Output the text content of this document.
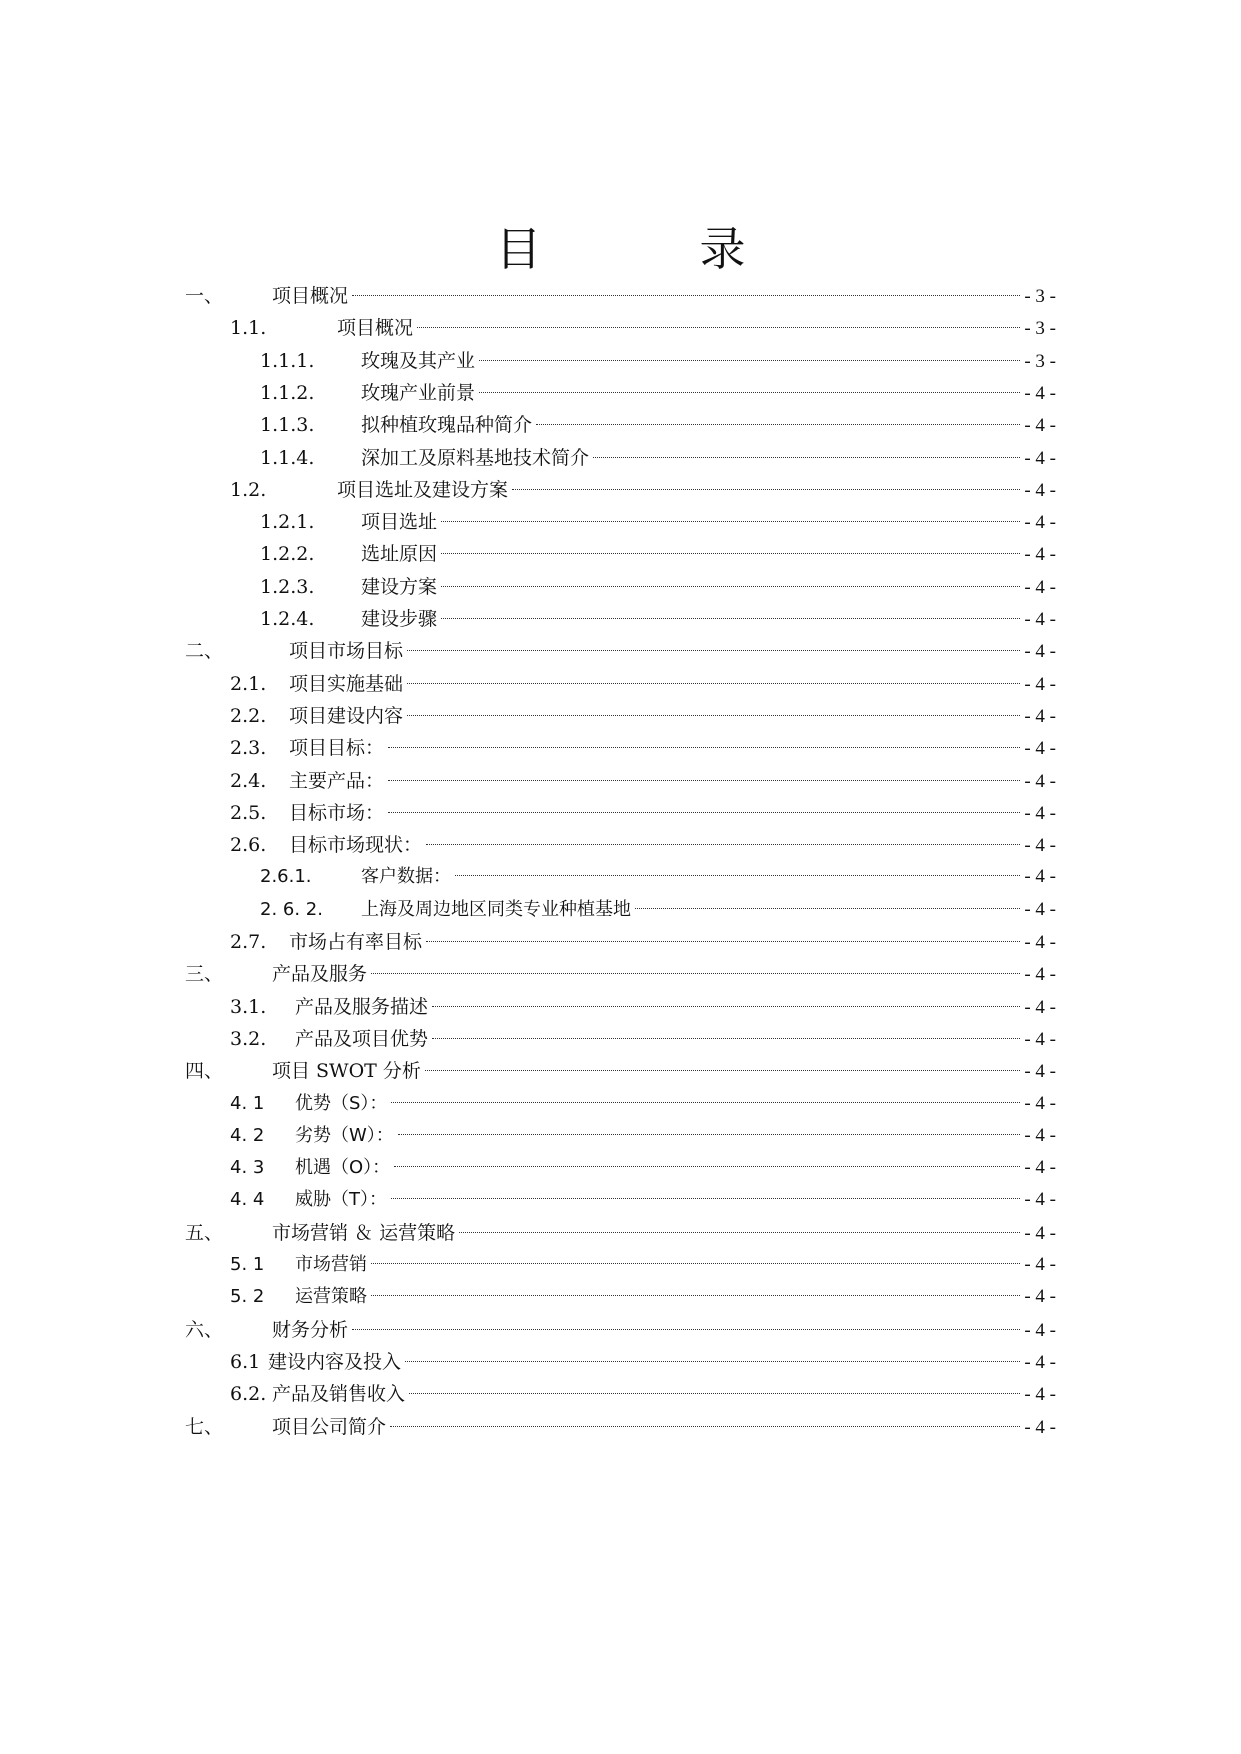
目　录
一、	项目概况	- 3 -
1.1.	项目概况	- 3 -
1.1.1. 玫瑰及其产业	- 3 -
1.1.2. 玫瑰产业前景	- 4 -
1.1.3. 拟种植玫瑰品种简介	- 4 -
1.1.4. 深加工及原料基地技术简介	- 4 -
1.2.	项目选址及建设方案	- 4 -
1.2.1. 项目选址	- 4 -
1.2.2. 选址原因	- 4 -
1.2.3. 建设方案	- 4 -
1.2.4. 建设步骤	- 4 -
二、	项目市场目标	- 4 -
2.1. 项目实施基础	- 4 -
2.2. 项目建设内容	- 4 -
2.3. 项目目标：	- 4 -
2.4. 主要产品：	- 4 -
2.5. 目标市场：	- 4 -
2.6. 目标市场现状：	- 4 -
2.6.1.	客户数据：	- 4 -
2. 6. 2. 上海及周边地区同类专业种植基地	- 4 -
2.7. 市场占有率目标	- 4 -
三、	产品及服务	- 4 -
3.1. 产品及服务描述	- 4 -
3.2. 产品及项目优势	- 4 -
四、	项目 SWOT 分析	- 4 -
4. 1 优势（S）：	- 4 -
4. 2 劣势（W）：	- 4 -
4. 3 机遇（O）：	- 4 -
4. 4 威胁（T）：	- 4 -
五、	市场营销 ＆ 运营策略	- 4 -
5. 1 市场营销	- 4 -
5. 2 运营策略	- 4 -
六、	财务分析	- 4 -
6.1 建设内容及投入	- 4 -
6.2. 产品及销售收入	- 4 -
七、	项目公司简介	- 4 -
